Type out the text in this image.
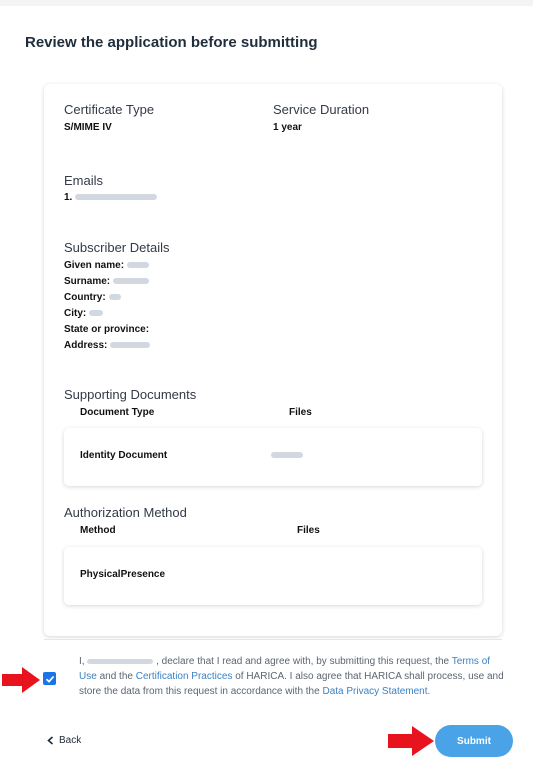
Review the application before submitting
Certificate Type
S/MIME IV
Service Duration
1 year
Emails
1.
Subscriber Details
Given name:
Surname:
Country:
City:
State or province:
Address:
Supporting Documents
Document Type	Files
Identity Document
Authorization Method
Method	Files
PhysicalPresence
I,	, declare that I read and agree with, by submitting this request, the Terms of Use and the Certification Practices of HARICA. I also agree that HARICA shall process, use and store the data from this request in accordance with the Data Privacy Statement.
Back	Submit
